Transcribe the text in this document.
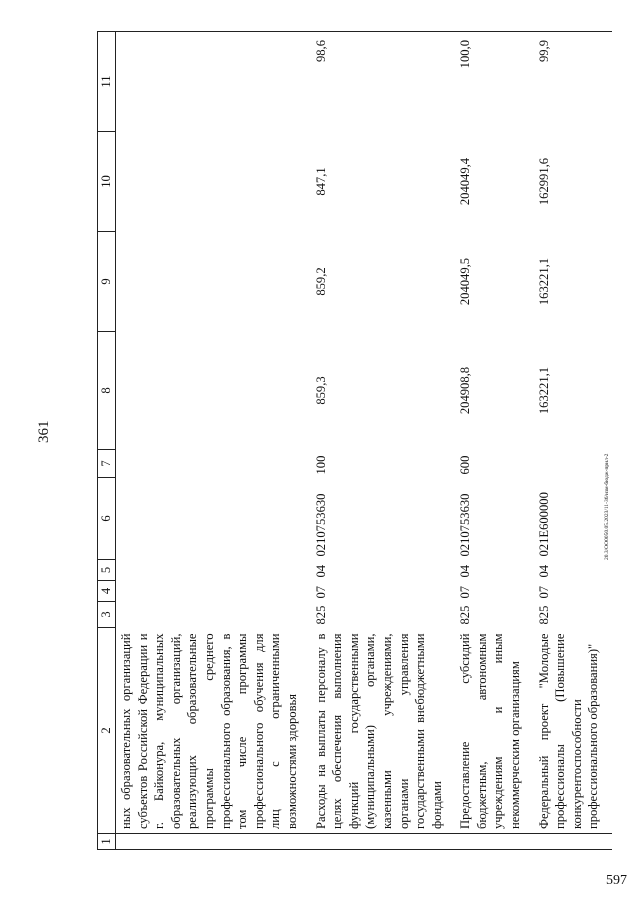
361
20.3/ОО0050.05.2023/11-36/изм-бюдж-прил-2
1	2	3	4	5	6	7	8	9	10	11
	ных образовательных организаций субъектов Российской Федерации и г. Байконура, муниципальных образовательных организаций, реализующих образовательные программы среднего профессионального образования, в том числе программы профессионального обучения для лиц с ограниченными возможностями здоровья									
	Расходы на выплаты персоналу в целях обеспечения выполнения функций государственными (муниципальными) органами, казенными учреждениями, органами управления государственными внебюджетными фондами	825	07	04	0210753630	100	859,3	859,2	847,1	98,6
	Предоставление субсидий бюджетным, автономным учреждениям и иным некоммерческим организациям	825	07	04	0210753630	600	204908,8	204049,5	204049,4	100,0
	Федеральный проект "Молодые профессионалы (Повышение конкурентоспособности профессионального образования)"	825	07	04	021Е600000		163221,1	163221,1	162991,6	99,9
597
